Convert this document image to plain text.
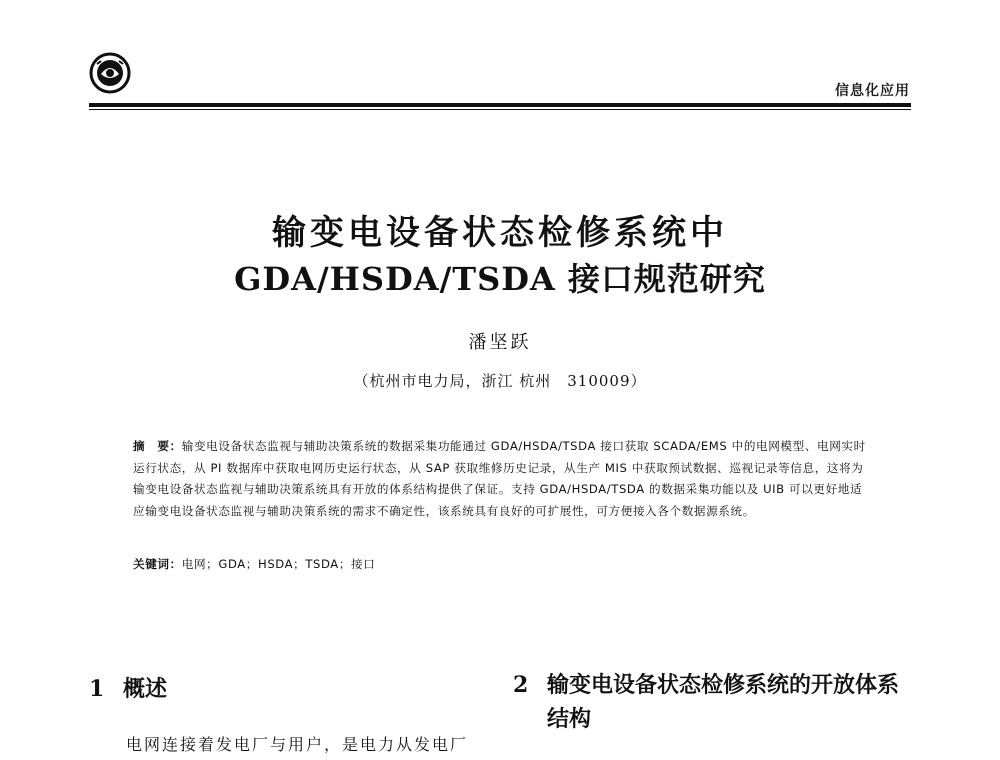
信息化应用
输变电设备状态检修系统中
GDA/HSDA/TSDA 接口规范研究
潘坚跃
（杭州市电力局，浙江 杭州　310009）
摘　要：输变电设备状态监视与辅助决策系统的数据采集功能通过 GDA/HSDA/TSDA 接口获取 SCADA/EMS 中的电网模型、电网实时运行状态，从 PI 数据库中获取电网历史运行状态，从 SAP 获取维修历史记录，从生产 MIS 中获取预试数据、巡视记录等信息，这将为输变电设备状态监视与辅助决策系统具有开放的体系结构提供了保证。支持 GDA/HSDA/TSDA 的数据采集功能以及 UIB 可以更好地适应输变电设备状态监视与辅助决策系统的需求不确定性，该系统具有良好的可扩展性，可方便接入各个数据源系统。
关键词：电网；GDA；HSDA；TSDA；接口
1 概述	2 输变电设备状态检修系统的开放体系结构
电网连接着发电厂与用户，是电力从发电厂
